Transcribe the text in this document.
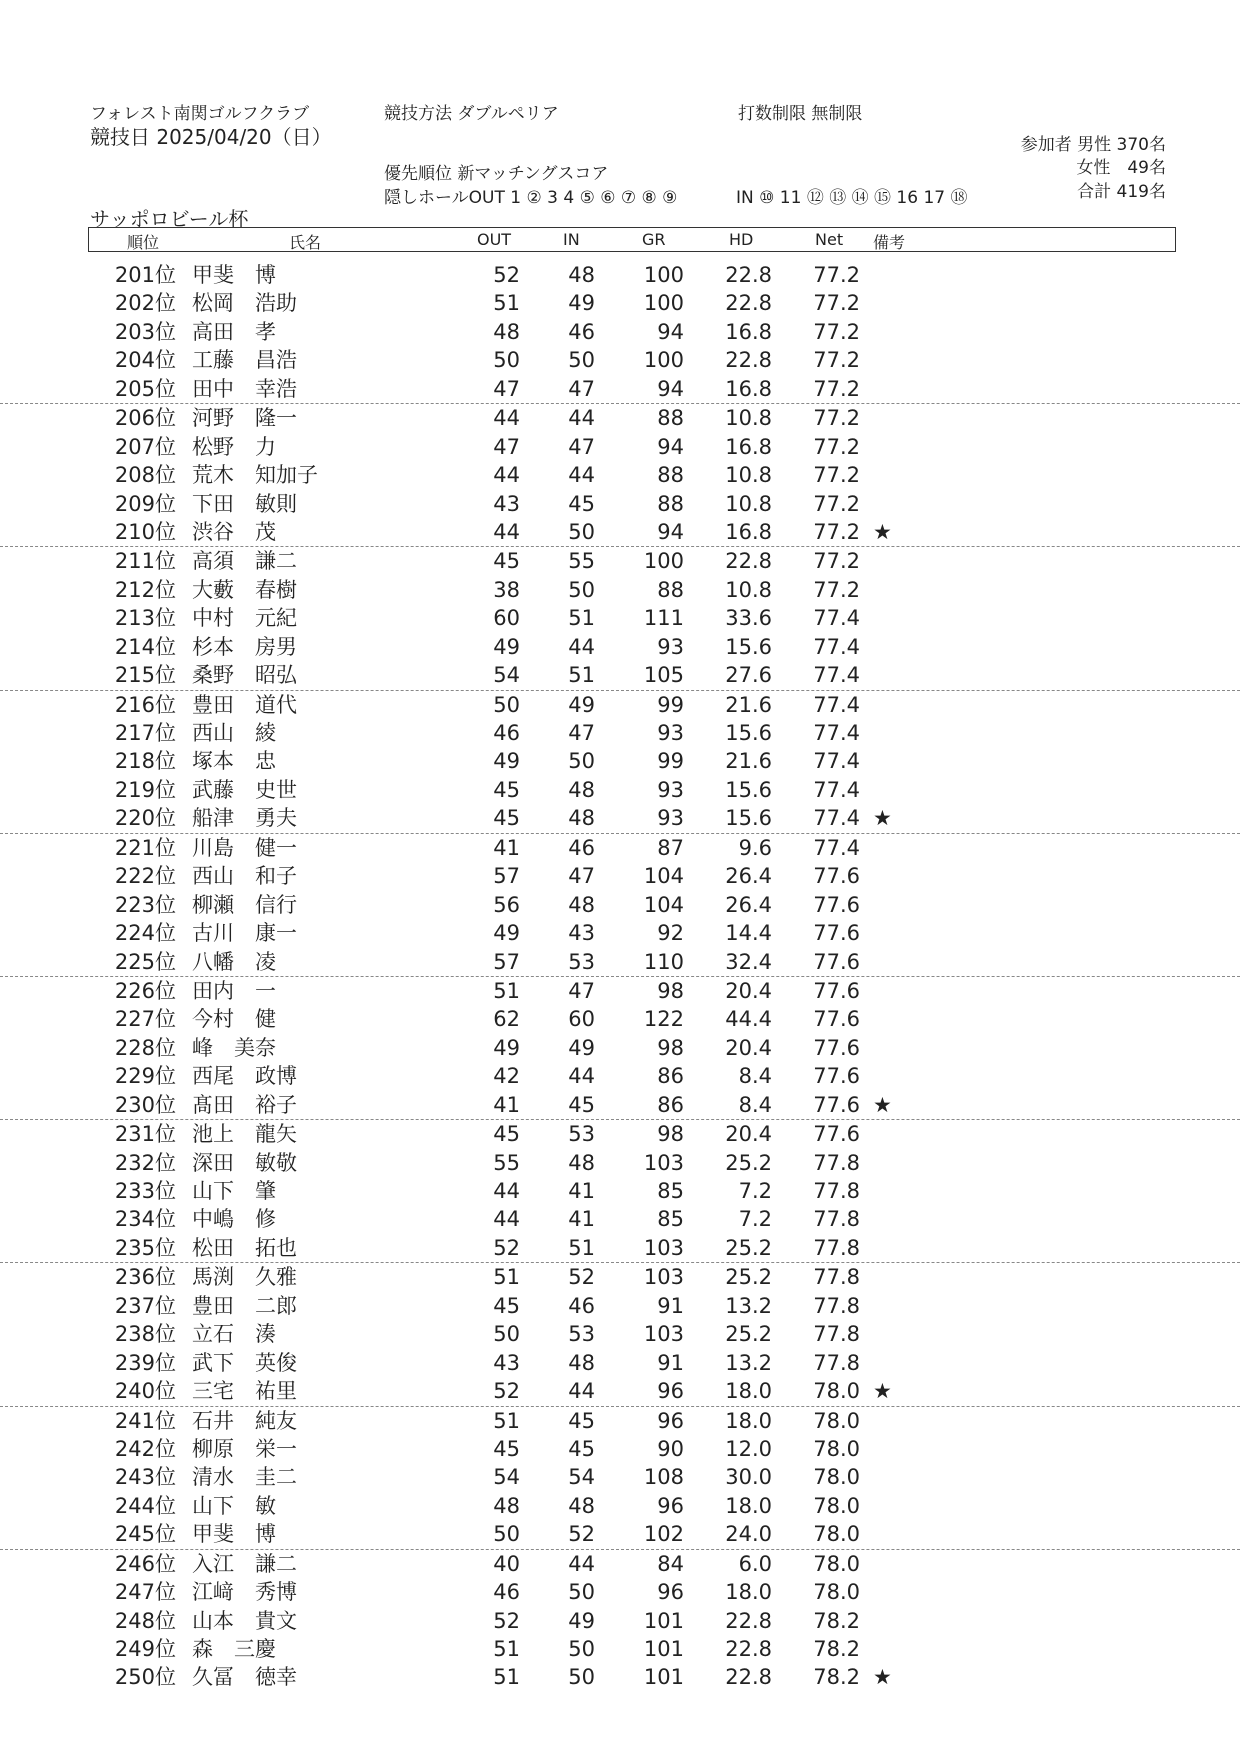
フォレスト南関ゴルフクラブ
競技日 2025/04/20（日）
競技方法 ダブルペリア	打数制限 無制限
優先順位 新マッチングスコア
隠しホールOUT 1 ② 3 4 ⑤ ⑥ ⑦ ⑧ ⑨	IN ⑩ 11 ⑫ ⑬ ⑭ ⑮ 16 17 ⑱
参加者 男性 370名
女性　49名
合計 419名
サッポロビール杯
順位	氏名	OUT	IN	GR	HD	Net 備考
201位 甲斐　博	52	48	100	22.8	77.2
202位 松岡　浩助	51	49	100	22.8	77.2
203位 高田　孝	48	46	94	16.8	77.2
204位 工藤　昌浩	50	50	100	22.8	77.2
205位 田中　幸浩	47	47	94	16.8	77.2
206位 河野　隆一	44	44	88	10.8	77.2
207位 松野　力	47	47	94	16.8	77.2
208位 荒木　知加子	44	44	88	10.8	77.2
209位 下田　敏則	43	45	88	10.8	77.2
210位 渋谷　茂	44	50	94	16.8	77.2 ★
211位 高須　謙二	45	55	100	22.8	77.2
212位 大藪　春樹	38	50	88	10.8	77.2
213位 中村　元紀	60	51	111	33.6	77.4
214位 杉本　房男	49	44	93	15.6	77.4
215位 桑野　昭弘	54	51	105	27.6	77.4
216位 豊田　道代	50	49	99	21.6	77.4
217位 西山　綾	46	47	93	15.6	77.4
218位 塚本　忠	49	50	99	21.6	77.4
219位 武藤　史世	45	48	93	15.6	77.4
220位 船津　勇夫	45	48	93	15.6	77.4 ★
221位 川島　健一	41	46	87	9.6	77.4
222位 西山　和子	57	47	104	26.4	77.6
223位 柳瀬　信行	56	48	104	26.4	77.6
224位 古川　康一	49	43	92	14.4	77.6
225位 八幡　凌	57	53	110	32.4	77.6
226位 田内　一	51	47	98	20.4	77.6
227位 今村　健	62	60	122	44.4	77.6
228位 峰　美奈	49	49	98	20.4	77.6
229位 西尾　政博	42	44	86	8.4	77.6
230位 髙田　裕子	41	45	86	8.4	77.6 ★
231位 池上　龍矢	45	53	98	20.4	77.6
232位 深田　敏敬	55	48	103	25.2	77.8
233位 山下　肇	44	41	85	7.2	77.8
234位 中嶋　修	44	41	85	7.2	77.8
235位 松田　拓也	52	51	103	25.2	77.8
236位 馬渕　久雅	51	52	103	25.2	77.8
237位 豊田　二郎	45	46	91	13.2	77.8
238位 立石　湊	50	53	103	25.2	77.8
239位 武下　英俊	43	48	91	13.2	77.8
240位 三宅　祐里	52	44	96	18.0	78.0 ★
241位 石井　純友	51	45	96	18.0	78.0
242位 柳原　栄一	45	45	90	12.0	78.0
243位 清水　圭二	54	54	108	30.0	78.0
244位 山下　敏	48	48	96	18.0	78.0
245位 甲斐　博	50	52	102	24.0	78.0
246位 入江　謙二	40	44	84	6.0	78.0
247位 江﨑　秀博	46	50	96	18.0	78.0
248位 山本　貴文	52	49	101	22.8	78.2
249位 森　三慶	51	50	101	22.8	78.2
250位 久冨　徳幸	51	50	101	22.8	78.2 ★
